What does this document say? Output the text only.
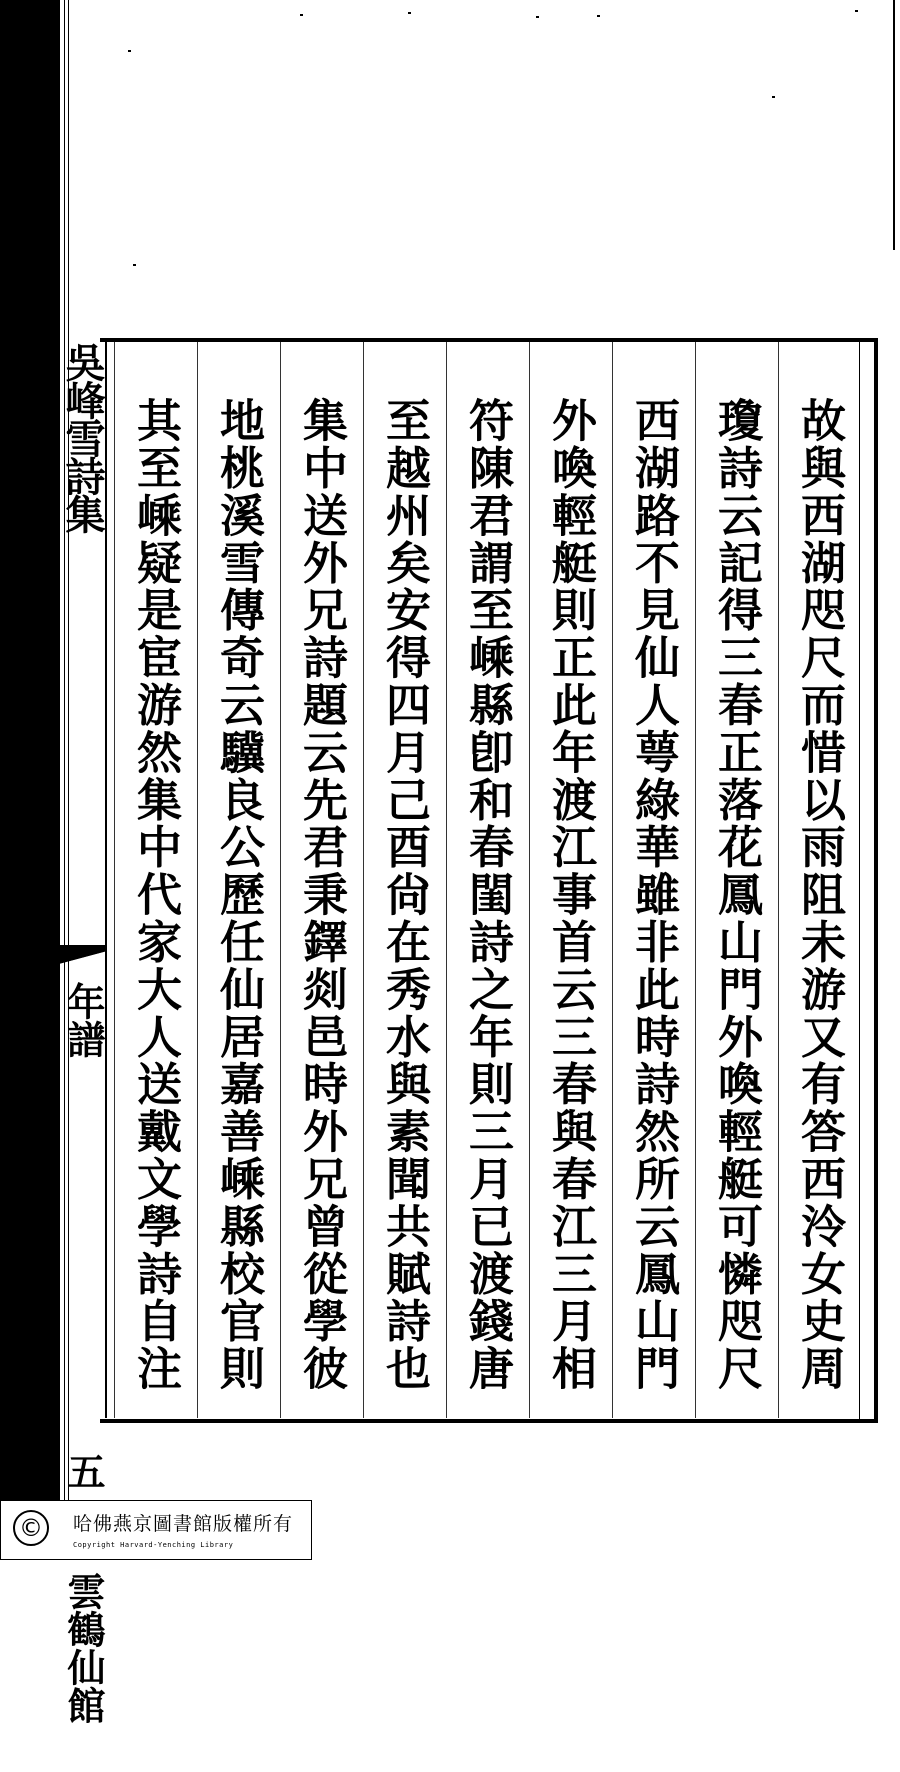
吳峰雪詩集
年譜
五
雲鶴仙館
故與西湖咫尺而惜以雨阻未游又有答西泠女史周
瓊詩云記得三春正落花鳳山門外喚輕艇可憐咫尺
西湖路不見仙人萼綠華雖非此時詩然所云鳳山門
外喚輕艇則正此年渡江事首云三春與春江三月相
符陳君謂至嵊縣卽和春閨詩之年則三月已渡錢唐
至越州矣安得四月己酉尙在秀水與素聞共賦詩也
集中送外兄詩題云先君秉鐸剡邑時外兄曾從學彼
地桃溪雪傳奇云驥良公歷任仙居嘉善嵊縣校官則
其至嵊疑是宦游然集中代家大人送戴文學詩自注
©	哈佛燕京圖書館版權所有
Copyright Harvard-Yenching Library
